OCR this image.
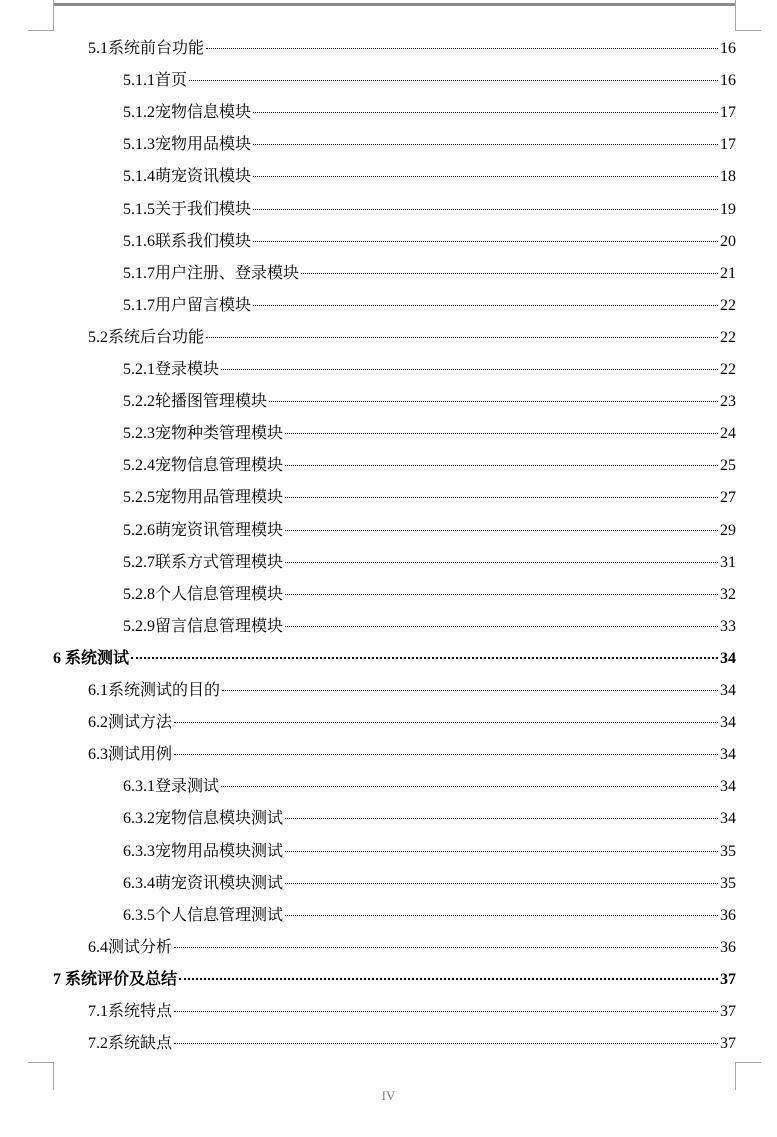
5.1 系统前台功能	16
5.1.1 首页	16
5.1.2 宠物信息模块	17
5.1.3 宠物用品模块	17
5.1.4 萌宠资讯模块	18
5.1.5 关于我们模块	19
5.1.6 联系我们模块	20
5.1.7 用户注册、登录模块	21
5.1.7 用户留言模块	22
5.2 系统后台功能	22
5.2.1 登录模块	22
5.2.2 轮播图管理模块	23
5.2.3 宠物种类管理模块	24
5.2.4 宠物信息管理模块	25
5.2.5 宠物用品管理模块	27
5.2.6 萌宠资讯管理模块	29
5.2.7 联系方式管理模块	31
5.2.8 个人信息管理模块	32
5.2.9 留言信息管理模块	33
6 系统测试	34
6.1 系统测试的目的	34
6.2 测试方法	34
6.3 测试用例	34
6.3.1 登录测试	34
6.3.2 宠物信息模块测试	34
6.3.3 宠物用品模块测试	35
6.3.4 萌宠资讯模块测试	35
6.3.5 个人信息管理测试	36
6.4 测试分析	36
7 系统评价及总结	37
7.1 系统特点	37
7.2 系统缺点	37
IV
